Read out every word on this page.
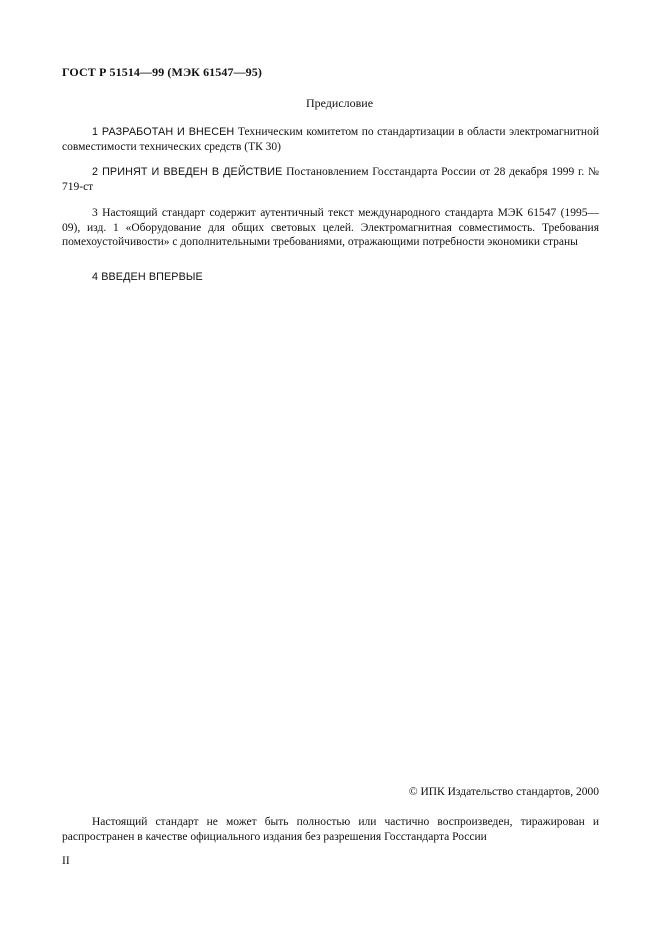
ГОСТ Р 51514—99 (МЭК 61547—95)
Предисловие

1 РАЗРАБОТАН И ВНЕСЕН Техническим комитетом по стандартизации в области электромагнитной совместимости технических средств (ТК 30)

2 ПРИНЯТ И ВВЕДЕН В ДЕЙСТВИЕ Постановлением Госстандарта России от 28 декабря 1999 г. № 719-ст

3 Настоящий стандарт содержит аутентичный текст международного стандарта МЭК 61547 (1995—09), изд. 1 «Оборудование для общих световых целей. Электромагнитная совместимость. Требования помехоустойчивости» с дополнительными требованиями, отражающими потребности экономики страны

4 ВВЕДЕН ВПЕРВЫЕ

© ИПК Издательство стандартов, 2000

Настоящий стандарт не может быть полностью или частично воспроизведен, тиражирован и распространен в качестве официального издания без разрешения Госстандарта России

II
